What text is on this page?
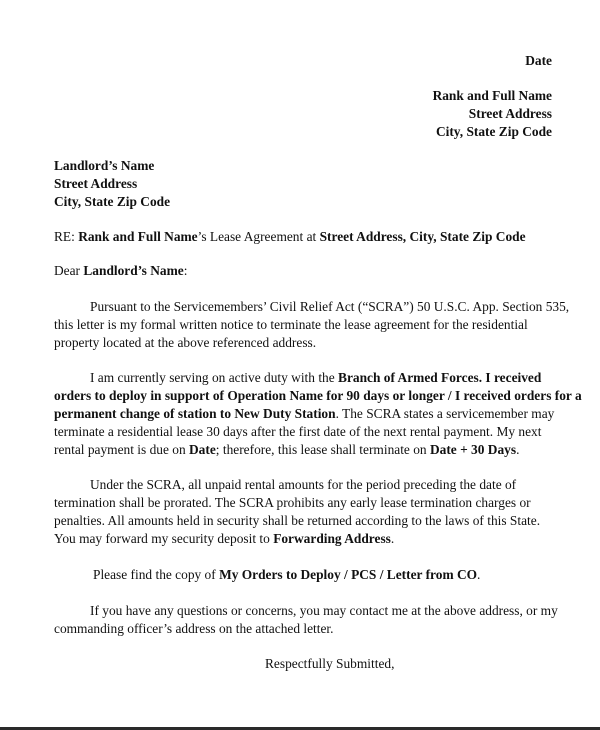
Date
Rank and Full Name
Street Address
City, State Zip Code
Landlord’s Name
Street Address
City, State Zip Code
RE: Rank and Full Name’s Lease Agreement at Street Address, City, State Zip Code
Dear Landlord’s Name:
Pursuant to the Servicemembers’ Civil Relief Act (“SCRA”) 50 U.S.C. App. Section 535,
this letter is my formal written notice to terminate the lease agreement for the residential
property located at the above referenced address.
I am currently serving on active duty with the Branch of Armed Forces. I received
orders to deploy in support of Operation Name for 90 days or longer / I received orders for a
permanent change of station to New Duty Station. The SCRA states a servicemember may
terminate a residential lease 30 days after the first date of the next rental payment. My next
rental payment is due on Date; therefore, this lease shall terminate on Date + 30 Days.
Under the SCRA, all unpaid rental amounts for the period preceding the date of
termination shall be prorated. The SCRA prohibits any early lease termination charges or
penalties. All amounts held in security shall be returned according to the laws of this State.
You may forward my security deposit to Forwarding Address.
Please find the copy of My Orders to Deploy / PCS / Letter from CO.
If you have any questions or concerns, you may contact me at the above address, or my
commanding officer’s address on the attached letter.
Respectfully Submitted,
